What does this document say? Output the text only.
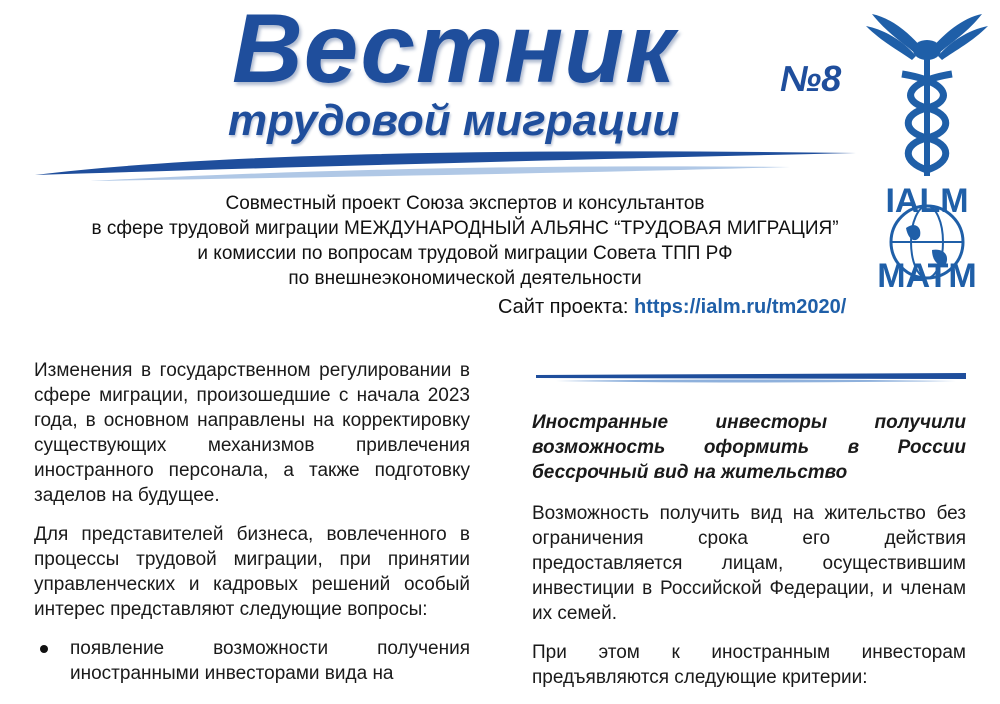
Вестник
трудовой миграции
№8
IALM
MATM
Совместный проект Союза экспертов и консультантов
в сфере трудовой миграции МЕЖДУНАРОДНЫЙ АЛЬЯНС “ТРУДОВАЯ МИГРАЦИЯ”
и комиссии по вопросам трудовой миграции Совета ТПП РФ
по внешнеэкономической деятельности
Сайт проекта: https://ialm.ru/tm2020/

Изменения в государственном регулировании в сфере миграции, произошедшие с начала 2023 года, в основном направлены на корректировку существующих механизмов привлечения иностранного персонала, а также подготовку заделов на будущее.

Для представителей бизнеса, вовлеченного в процессы трудовой миграции, при принятии управленческих и кадровых решений особый интерес представляют следующие вопросы:

появление возможности получения иностранными инвесторами вида на

Иностранные инвесторы получили возможность оформить в России бессрочный вид на жительство

Возможность получить вид на жительство без ограничения срока его действия предоставляется лицам, осуществившим инвестиции в Российской Федерации, и членам их семей.

При этом к иностранным инвесторам предъявляются следующие критерии:
